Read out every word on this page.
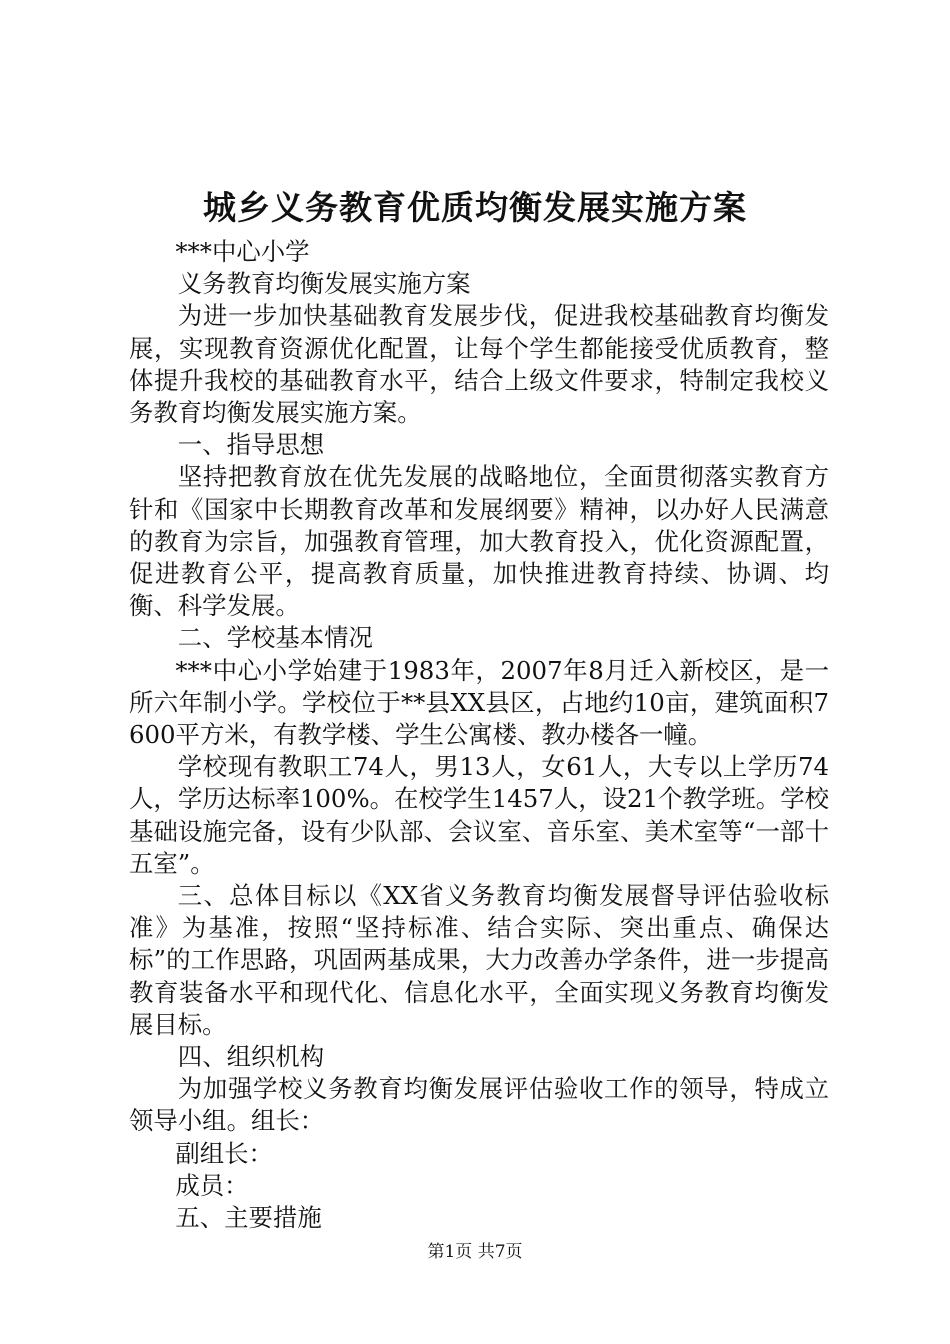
城乡义务教育优质均衡发展实施方案

***中心小学

义务教育均衡发展实施方案

为进一步加快基础教育发展步伐，促进我校基础教育均衡发展，实现教育资源优化配置，让每个学生都能接受优质教育，整体提升我校的基础教育水平，结合上级文件要求，特制定我校义务教育均衡发展实施方案。

一、指导思想

坚持把教育放在优先发展的战略地位，全面贯彻落实教育方针和《国家中长期教育改革和发展纲要》精神，以办好人民满意的教育为宗旨，加强教育管理，加大教育投入，优化资源配置，促进教育公平，提高教育质量，加快推进教育持续、协调、均衡、科学发展。

二、学校基本情况

***中心小学始建于1983年，2007年8月迁入新校区，是一所六年制小学。学校位于**县XX县区，占地约10亩，建筑面积7600平方米，有教学楼、学生公寓楼、教办楼各一幢。

学校现有教职工74人，男13人，女61人，大专以上学历74人，学历达标率100%。在校学生1457人，设21个教学班。学校基础设施完备，设有少队部、会议室、音乐室、美术室等“一部十五室”。

三、总体目标以《XX省义务教育均衡发展督导评估验收标准》为基准，按照“坚持标准、结合实际、突出重点、确保达标”的工作思路，巩固两基成果，大力改善办学条件，进一步提高教育装备水平和现代化、信息化水平，全面实现义务教育均衡发展目标。

四、组织机构

为加强学校义务教育均衡发展评估验收工作的领导，特成立领导小组。组长：

副组长：

成员：

五、主要措施

第1页 共7页
